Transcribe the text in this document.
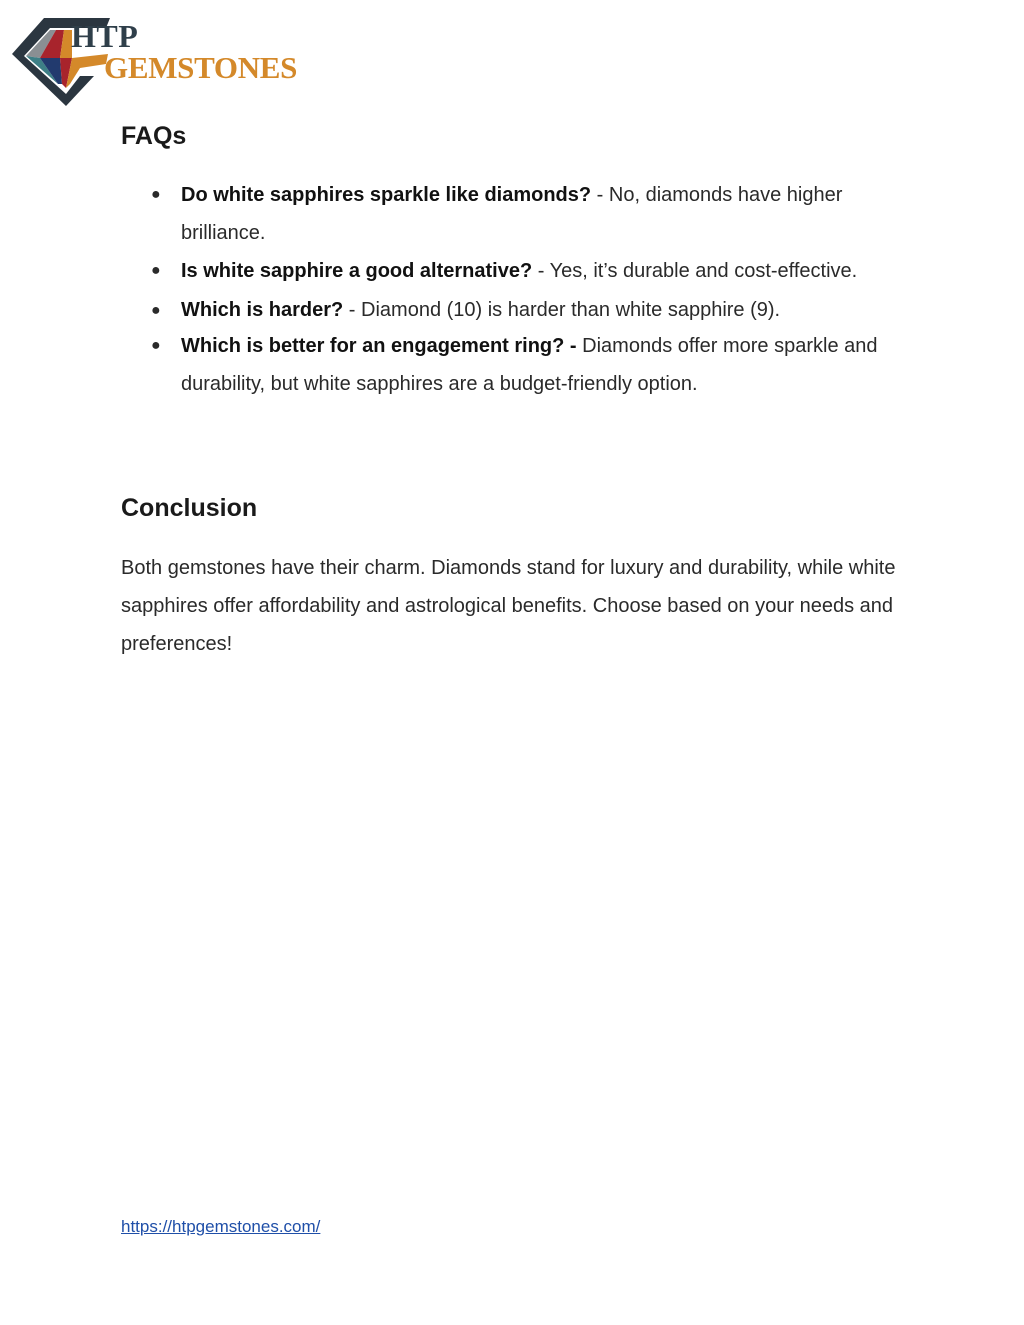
HTP
GEMSTONES
FAQs
● Do white sapphires sparkle like diamonds? - No, diamonds have higher brilliance.
● Is white sapphire a good alternative? - Yes, it’s durable and cost-effective.
● Which is harder? - Diamond (10) is harder than white sapphire (9).
● Which is better for an engagement ring? - Diamonds offer more sparkle and durability, but white sapphires are a budget-friendly option.
Conclusion

Both gemstones have their charm. Diamonds stand for luxury and durability, while white sapphires offer affordability and astrological benefits. Choose based on your needs and preferences!

https://htpgemstones.com/
